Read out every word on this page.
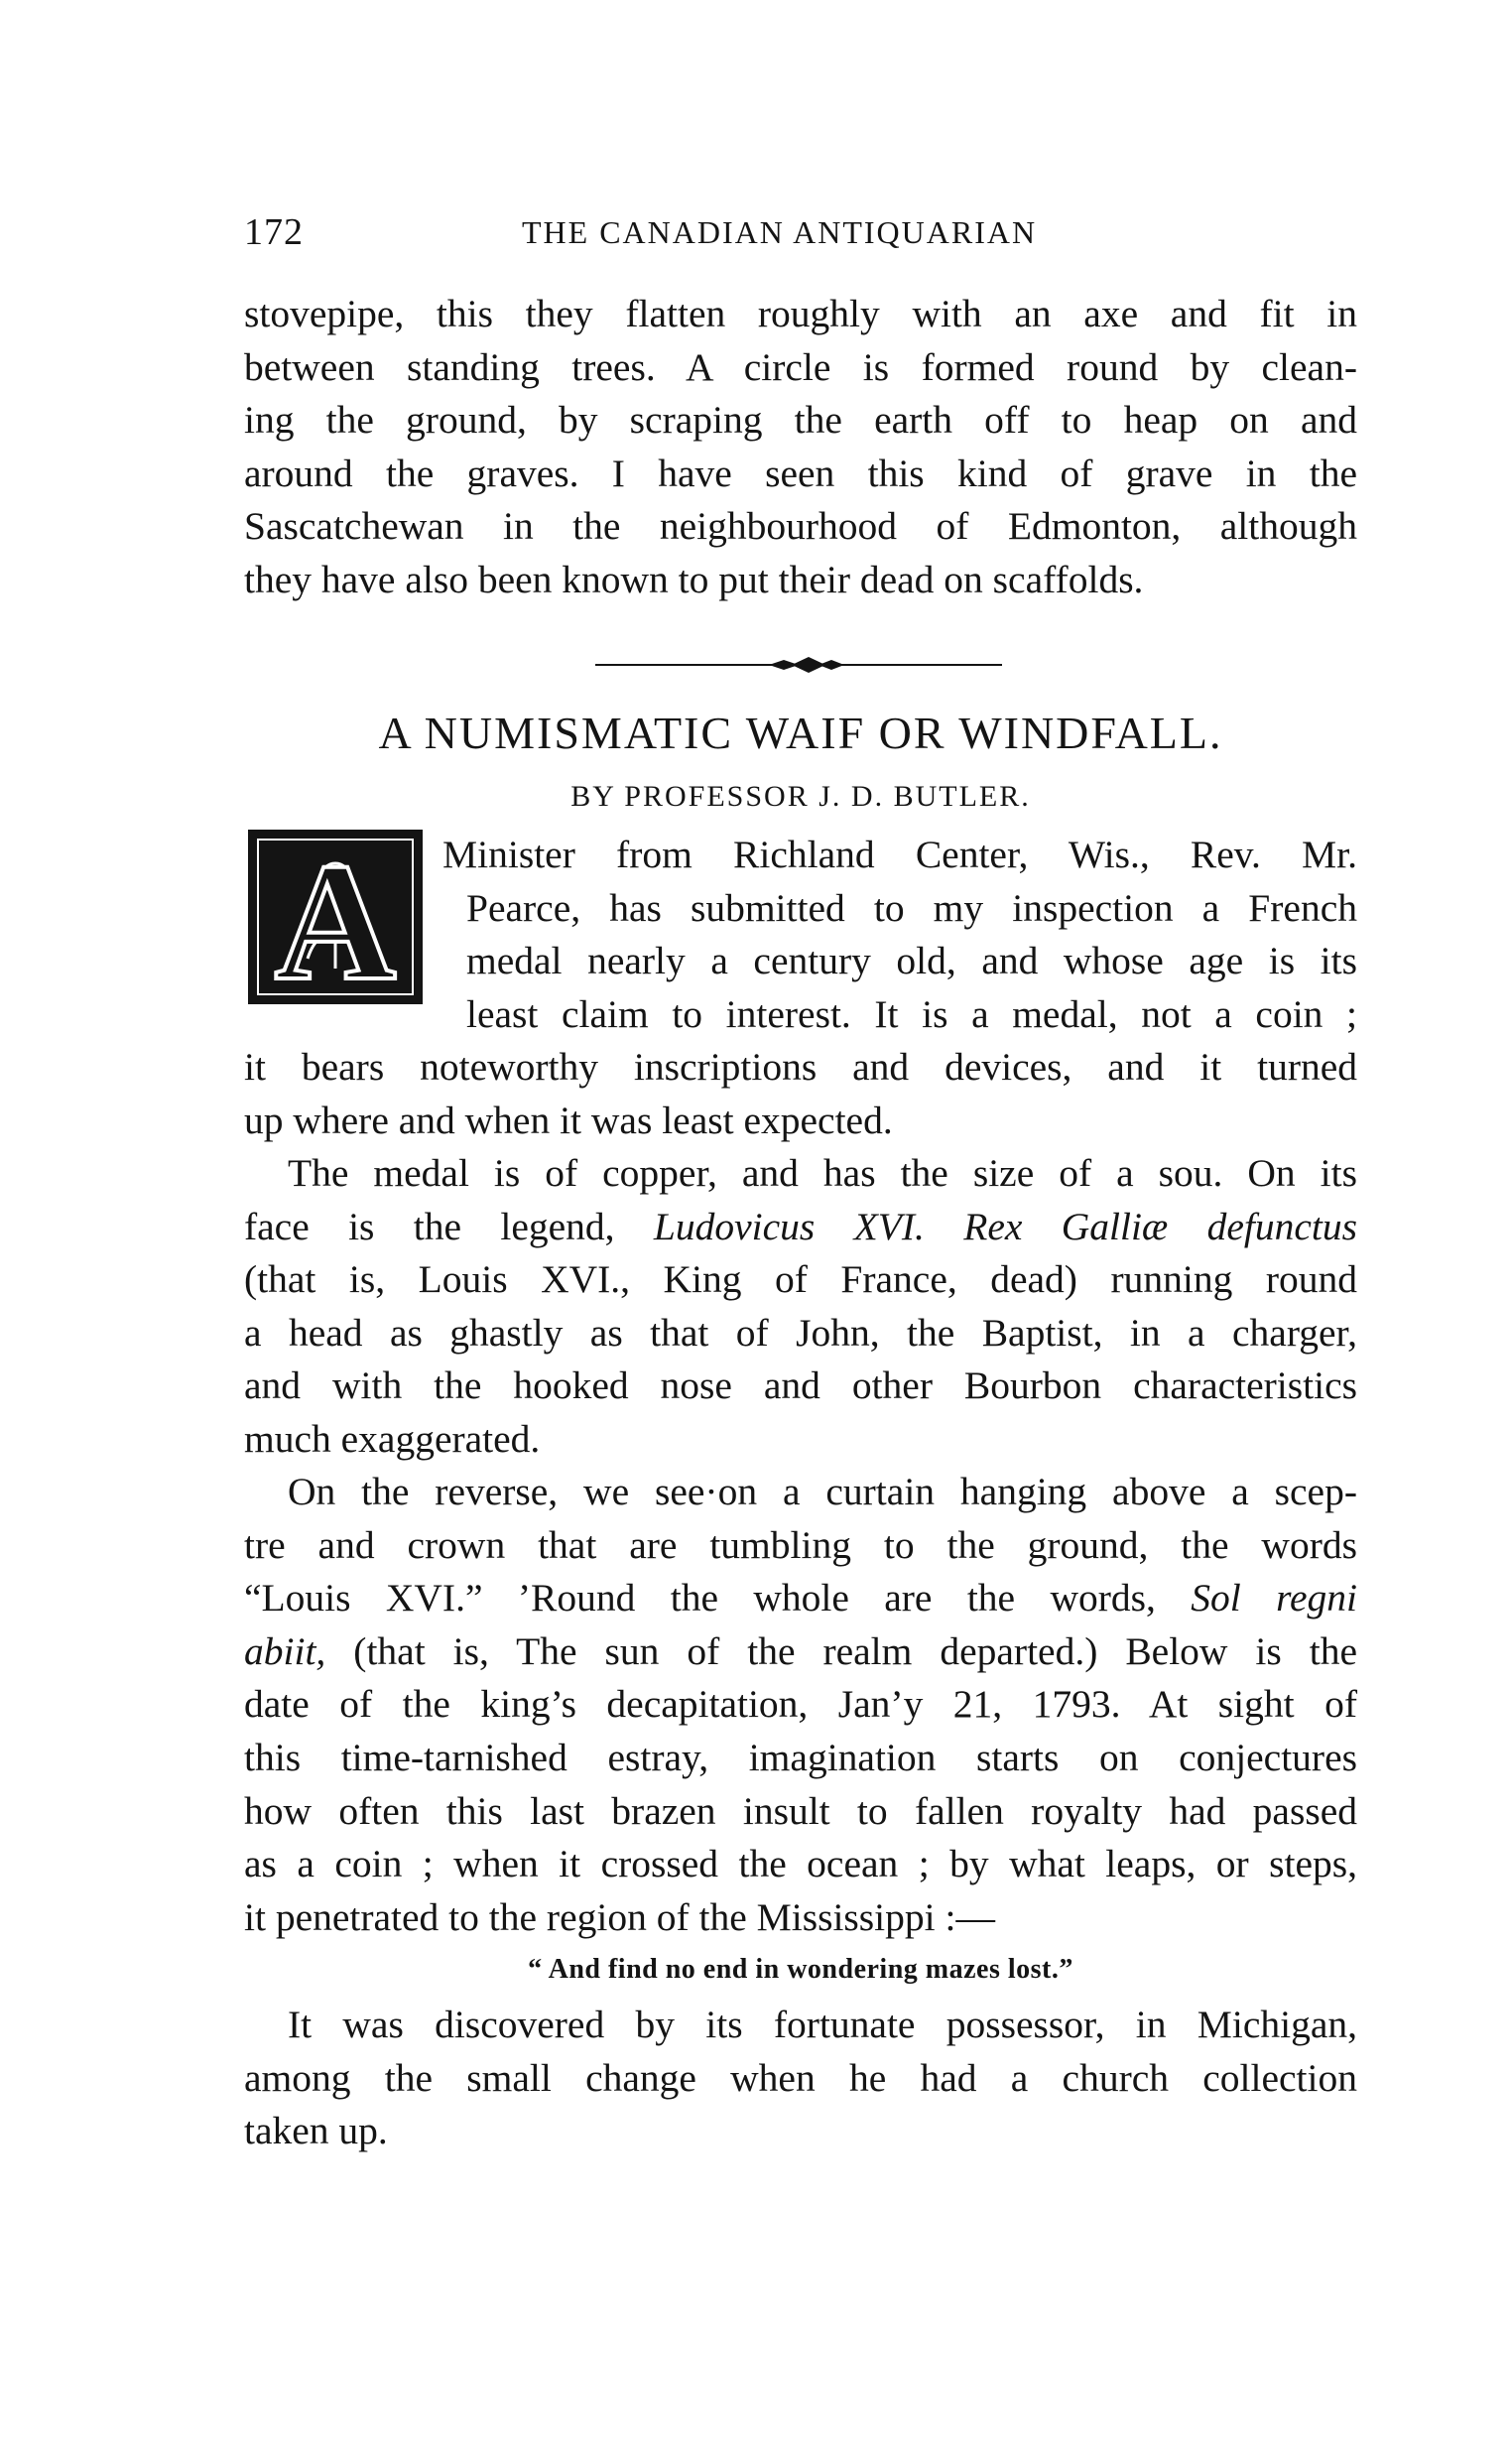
172	THE CANADIAN ANTIQUARIAN
stovepipe, this they flatten roughly with an axe and fit in
between standing trees. A circle is formed round by clean-
ing the ground, by scraping the earth off to heap on and
around the graves. I have seen this kind of grave in the
Sascatchewan in the neighbourhood of Edmonton, although
they have also been known to put their dead on scaffolds.
A NUMISMATIC WAIF OR WINDFALL.
BY PROFESSOR J. D. BUTLER.
A	Minister from Richland Center, Wis., Rev. Mr.
Pearce, has submitted to my inspection a French
medal nearly a century old, and whose age is its
least claim to interest. It is a medal, not a coin ;
it bears noteworthy inscriptions and devices, and it turned
up where and when it was least expected.
The medal is of copper, and has the size of a sou. On its
face is the legend, Ludovicus XVI. Rex Galliæ defunctus
(that is, Louis XVI., King of France, dead) running round
a head as ghastly as that of John, the Baptist, in a charger,
and with the hooked nose and other Bourbon characteristics
much exaggerated.
On the reverse, we see·on a curtain hanging above a scep-
tre and crown that are tumbling to the ground, the words
“Louis XVI.” ’Round the whole are the words, Sol regni
abiit, (that is, The sun of the realm departed.) Below is the
date of the king’s decapitation, Jan’y 21, 1793. At sight of
this time-tarnished estray, imagination starts on conjectures
how often this last brazen insult to fallen royalty had passed
as a coin ; when it crossed the ocean ; by what leaps, or steps,
it penetrated to the region of the Mississippi :—
“ And find no end in wondering mazes lost.”
It was discovered by its fortunate possessor, in Michigan,
among the small change when he had a church collection
taken up.
